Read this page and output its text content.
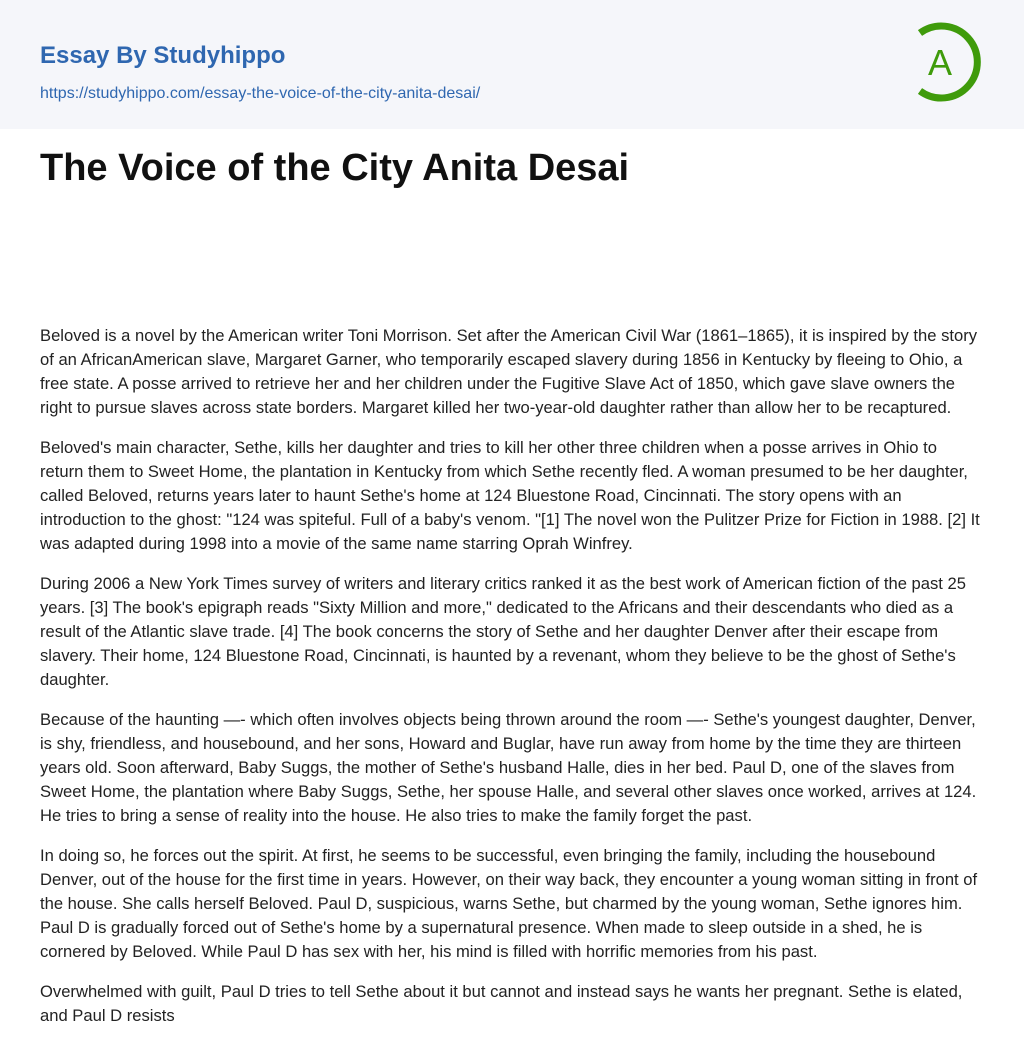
Essay By Studyhippo
https://studyhippo.com/essay-the-voice-of-the-city-anita-desai/
A
The Voice of the City Anita Desai

Beloved is a novel by the American writer Toni Morrison. Set after the American Civil War (1861–1865), it is inspired by the story of an AfricanAmerican slave, Margaret Garner, who temporarily escaped slavery during 1856 in Kentucky by fleeing to Ohio, a free state. A posse arrived to retrieve her and her children under the Fugitive Slave Act of 1850, which gave slave owners the right to pursue slaves across state borders. Margaret killed her two-year-old daughter rather than allow her to be recaptured.

Beloved's main character, Sethe, kills her daughter and tries to kill her other three children when a posse arrives in Ohio to return them to Sweet Home, the plantation in Kentucky from which Sethe recently fled. A woman presumed to be her daughter, called Beloved, returns years later to haunt Sethe's home at 124 Bluestone Road, Cincinnati. The story opens with an introduction to the ghost: "124 was spiteful. Full of a baby's venom. "[1] The novel won the Pulitzer Prize for Fiction in 1988. [2] It was adapted during 1998 into a movie of the same name starring Oprah Winfrey.

During 2006 a New York Times survey of writers and literary critics ranked it as the best work of American fiction of the past 25 years. [3] The book's epigraph reads "Sixty Million and more," dedicated to the Africans and their descendants who died as a result of the Atlantic slave trade. [4] The book concerns the story of Sethe and her daughter Denver after their escape from slavery. Their home, 124 Bluestone Road, Cincinnati, is haunted by a revenant, whom they believe to be the ghost of Sethe's daughter.

Because of the haunting —- which often involves objects being thrown around the room —- Sethe's youngest daughter, Denver, is shy, friendless, and housebound, and her sons, Howard and Buglar, have run away from home by the time they are thirteen years old. Soon afterward, Baby Suggs, the mother of Sethe's husband Halle, dies in her bed. Paul D, one of the slaves from Sweet Home, the plantation where Baby Suggs, Sethe, her spouse Halle, and several other slaves once worked, arrives at 124. He tries to bring a sense of reality into the house. He also tries to make the family forget the past.

In doing so, he forces out the spirit. At first, he seems to be successful, even bringing the family, including the housebound Denver, out of the house for the first time in years. However, on their way back, they encounter a young woman sitting in front of the house. She calls herself Beloved. Paul D, suspicious, warns Sethe, but charmed by the young woman, Sethe ignores him. Paul D is gradually forced out of Sethe's home by a supernatural presence. When made to sleep outside in a shed, he is cornered by Beloved. While Paul D has sex with her, his mind is filled with horrific memories from his past.

Overwhelmed with guilt, Paul D tries to tell Sethe about it but cannot and instead says he wants her pregnant. Sethe is elated, and Paul D resists
